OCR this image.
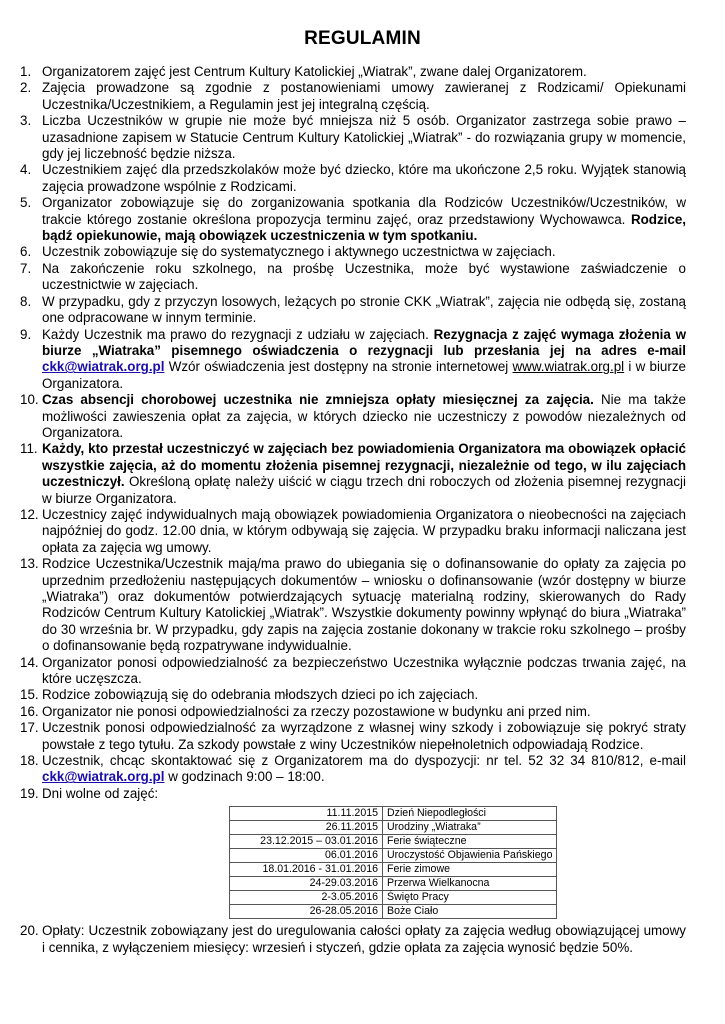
REGULAMIN
1. Organizatorem zajęć jest Centrum Kultury Katolickiej „Wiatrak”, zwane dalej Organizatorem.
2. Zajęcia prowadzone są zgodnie z postanowieniami umowy zawieranej z Rodzicami/ Opiekunami Uczestnika/Uczestnikiem, a Regulamin jest jej integralną częścią.
3. Liczba Uczestników w grupie nie może być mniejsza niż 5 osób. Organizator zastrzega sobie prawo – uzasadnione zapisem w Statucie Centrum Kultury Katolickiej „Wiatrak” - do rozwiązania grupy w momencie, gdy jej liczebność będzie niższa.
4. Uczestnikiem zajęć dla przedszkolaków może być dziecko, które ma ukończone 2,5 roku. Wyjątek stanowią zajęcia prowadzone wspólnie z Rodzicami.
5. Organizator zobowiązuje się do zorganizowania spotkania dla Rodziców Uczestników/Uczestników, w trakcie którego zostanie określona propozycja terminu zajęć, oraz przedstawiony Wychowawca. Rodzice, bądź opiekunowie, mają obowiązek uczestniczenia w tym spotkaniu.
6. Uczestnik zobowiązuje się do systematycznego i aktywnego uczestnictwa w zajęciach.
7. Na zakończenie roku szkolnego, na prośbę Uczestnika, może być wystawione zaświadczenie o uczestnictwie w zajęciach.
8. W przypadku, gdy z przyczyn losowych, leżących po stronie CKK „Wiatrak”, zajęcia nie odbędą się, zostaną one odpracowane w innym terminie.
9. Każdy Uczestnik ma prawo do rezygnacji z udziału w zajęciach. Rezygnacja z zajęć wymaga złożenia w biurze „Wiatraka” pisemnego oświadczenia o rezygnacji lub przesłania jej na adres e-mail ckk@wiatrak.org.pl Wzór oświadczenia jest dostępny na stronie internetowej www.wiatrak.org.pl i w biurze Organizatora.
10. Czas absencji chorobowej uczestnika nie zmniejsza opłaty miesięcznej za zajęcia. Nie ma także możliwości zawieszenia opłat za zajęcia, w których dziecko nie uczestniczy z powodów niezależnych od Organizatora.
11. Każdy, kto przestał uczestniczyć w zajęciach bez powiadomienia Organizatora ma obowiązek opłacić wszystkie zajęcia, aż do momentu złożenia pisemnej rezygnacji, niezależnie od tego, w ilu zajęciach uczestniczył. Określoną opłatę należy uiścić w ciągu trzech dni roboczych od złożenia pisemnej rezygnacji w biurze Organizatora.
12. Uczestnicy zajęć indywidualnych mają obowiązek powiadomienia Organizatora o nieobecności na zajęciach najpóźniej do godz. 12.00 dnia, w którym odbywają się zajęcia. W przypadku braku informacji naliczana jest opłata za zajęcia wg umowy.
13. Rodzice Uczestnika/Uczestnik mają/ma prawo do ubiegania się o dofinansowanie do opłaty za zajęcia po uprzednim przedłożeniu następujących dokumentów – wniosku o dofinansowanie (wzór dostępny w biurze „Wiatraka”) oraz dokumentów potwierdzających sytuację materialną rodziny, skierowanych do Rady Rodziców Centrum Kultury Katolickiej „Wiatrak”. Wszystkie dokumenty powinny wpłynąć do biura „Wiatraka” do 30 września br. W przypadku, gdy zapis na zajęcia zostanie dokonany w trakcie roku szkolnego – prośby o dofinansowanie będą rozpatrywane indywidualnie.
14. Organizator ponosi odpowiedzialność za bezpieczeństwo Uczestnika wyłącznie podczas trwania zajęć, na które uczęszcza.
15. Rodzice zobowiązują się do odebrania młodszych dzieci po ich zajęciach.
16. Organizator nie ponosi odpowiedzialności za rzeczy pozostawione w budynku ani przed nim.
17. Uczestnik ponosi odpowiedzialność za wyrządzone z własnej winy szkody i zobowiązuje się pokryć straty powstałe z tego tytułu. Za szkody powstałe z winy Uczestników niepełnoletnich odpowiadają Rodzice.
18. Uczestnik, chcąc skontaktować się z Organizatorem ma do dyspozycji: nr tel. 52 32 34 810/812, e-mail ckk@wiatrak.org.pl w godzinach 9:00 – 18:00.
19. Dni wolne od zajęć:
11.11.2015	Dzień Niepodległości
26.11.2015	Urodziny „Wiatraka”
23.12.2015 – 03.01.2016	Ferie świąteczne
06.01.2016	Uroczystość Objawienia Pańskiego
18.01.2016 - 31.01.2016	Ferie zimowe
24-29.03.2016	Przerwa Wielkanocna
2-3.05.2016	Święto Pracy
26-28.05.2016	Boże Ciało
20. Opłaty: Uczestnik zobowiązany jest do uregulowania całości opłaty za zajęcia według obowiązującej umowy i cennika, z wyłączeniem miesięcy: wrzesień i styczeń, gdzie opłata za zajęcia wynosić będzie 50%.
